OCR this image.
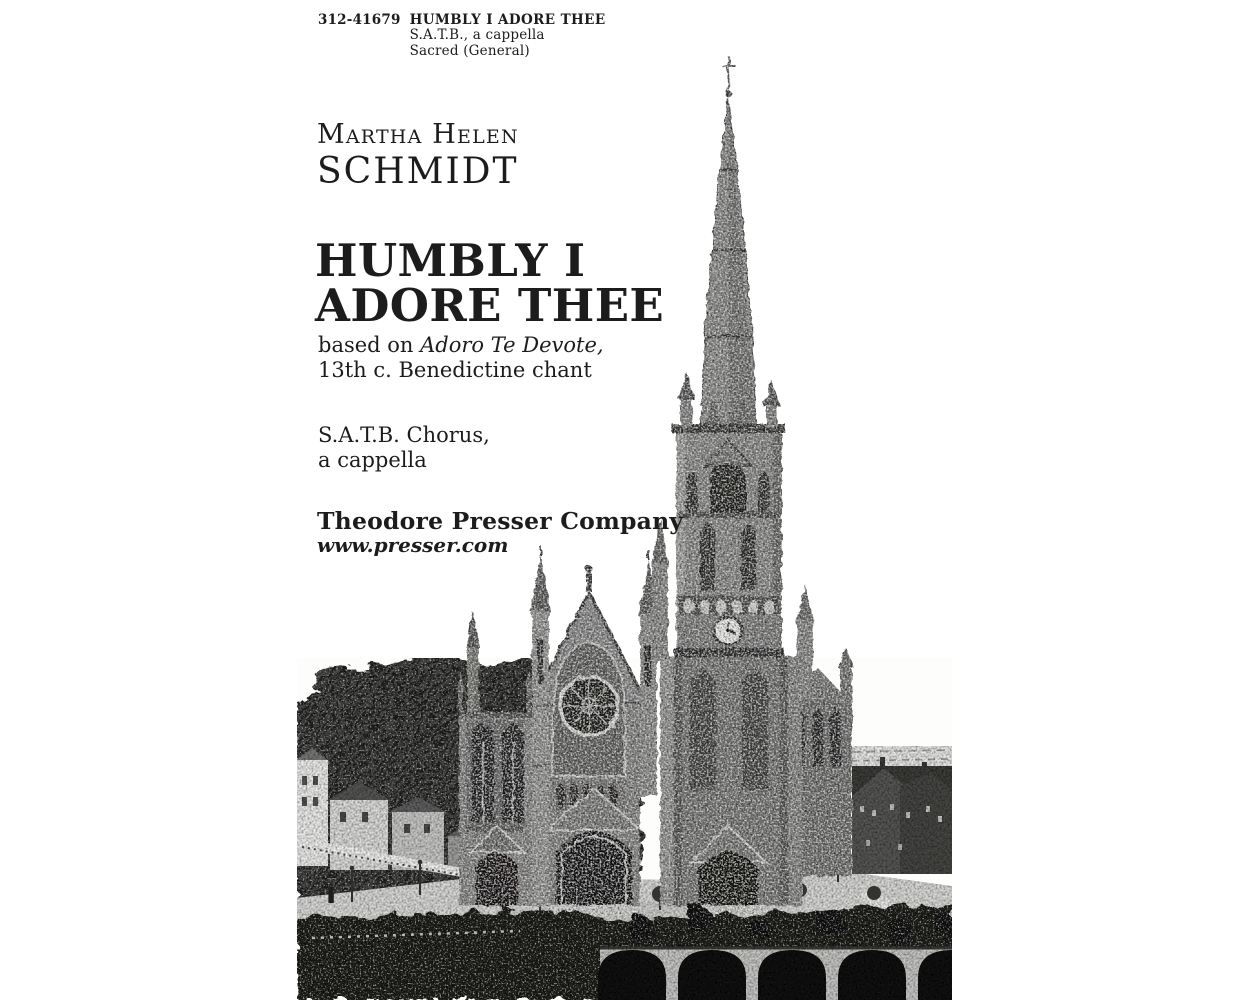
312-41679 HUMBLY I ADORE THEE
S.A.T.B., a cappella
Sacred (General)
Martha Helen
SCHMIDT
HUMBLY I
ADORE THEE
based on Adoro Te Devote,
13th c. Benedictine chant
S.A.T.B. Chorus,
a cappella
Theodore Presser Company
www.presser.com
